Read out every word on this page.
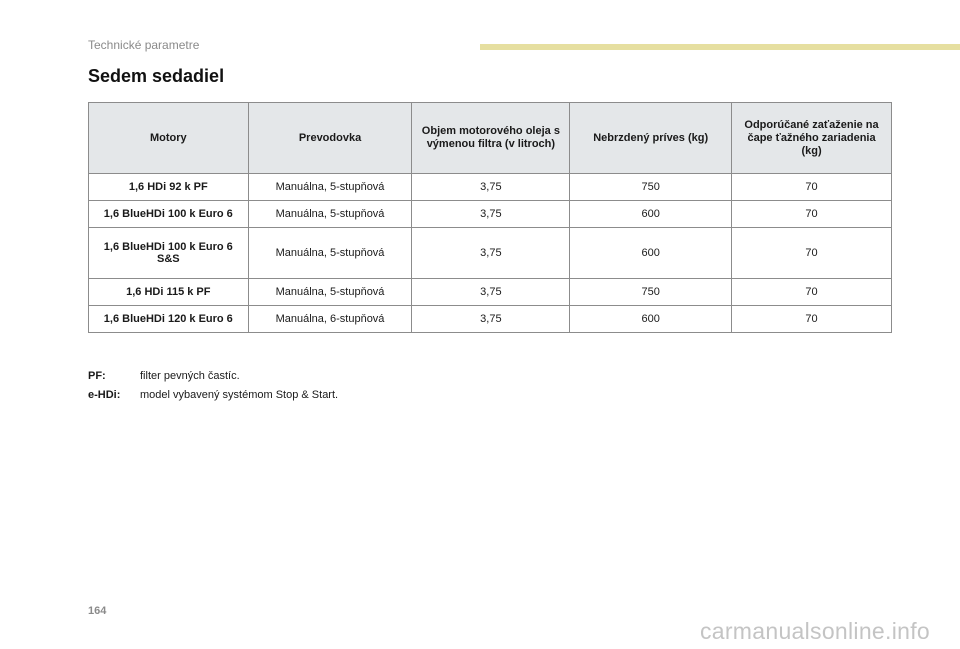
Technické parametre
Sedem sedadiel
Motory	Prevodovka	Objem motorového oleja s výmenou filtra (v litroch)	Nebrzdený príves (kg)	Odporúčané zaťaženie na čape ťažného zariadenia (kg)
1,6 HDi 92 k PF	Manuálna, 5-stupňová	3,75	750	70
1,6 BlueHDi 100 k Euro 6	Manuálna, 5-stupňová	3,75	600	70
1,6 BlueHDi 100 k Euro 6 S&S	Manuálna, 5-stupňová	3,75	600	70
1,6 HDi 115 k PF	Manuálna, 5-stupňová	3,75	750	70
1,6 BlueHDi 120 k Euro 6	Manuálna, 6-stupňová	3,75	600	70
PF:	filter pevných častíc.
e-HDi:	model vybavený systémom Stop & Start.
164
carmanualsonline.info
